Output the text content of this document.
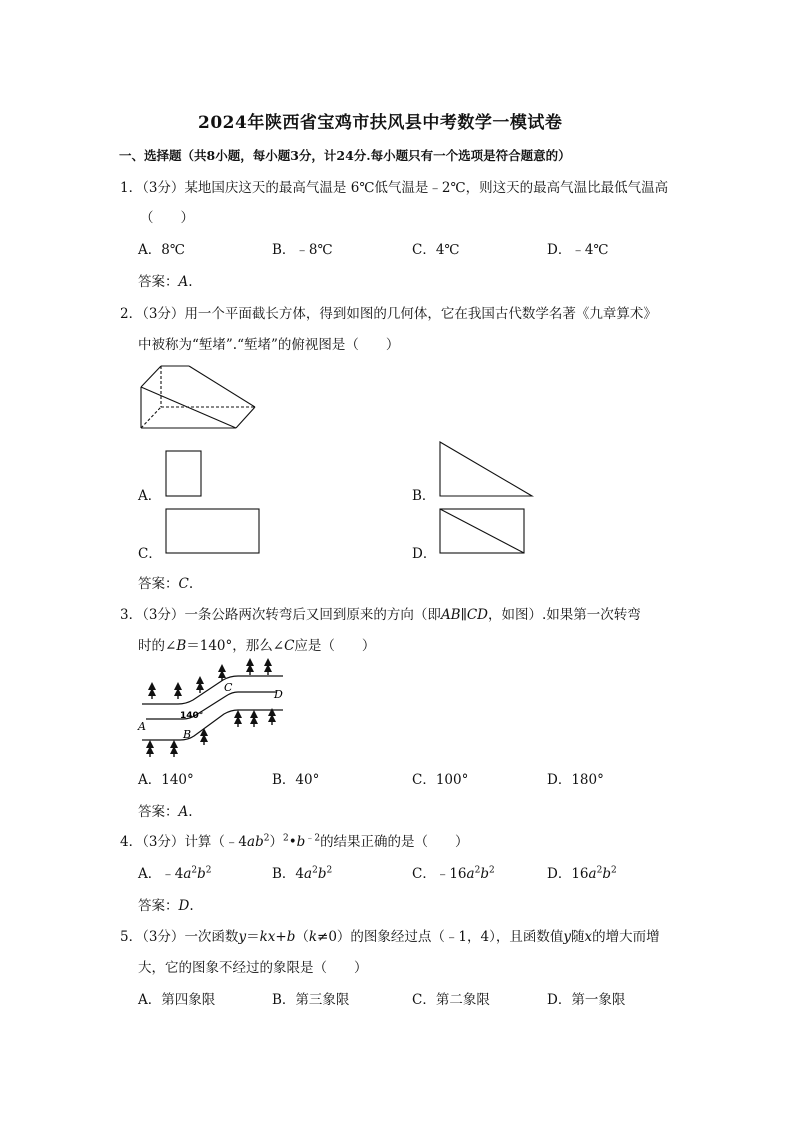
2024年陕西省宝鸡市扶风县中考数学一模试卷
一、选择题（共8小题，每小题3分，计24分.每小题只有一个选项是符合题意的）
1．（3分）某地国庆这天的最高气温是 6℃低气温是﹣2℃，则这天的最高气温比最低气温高
（　　）
A．8℃	B．﹣8℃	C．4℃	D．﹣4℃
答案：A.
2．（3分）用一个平面截长方体，得到如图的几何体，它在我国古代数学名著《九章算术》
中被称为“堑堵”.“堑堵”的俯视图是（　　）
A．	B．
C．	D．
答案：C.
3．（3分）一条公路两次转弯后又回到原来的方向（即AB∥CD，如图）.如果第一次转弯
时的∠B＝140°，那么∠C应是（　　）
A
B
C
D
140°
A．140°	B．40°	C．100°	D．180°
答案：A.
4．（3分）计算$(﹣4ab^2)^2•b^{﹣2}$的结果正确的是（　　）
A．$﹣4a^2b^2$	B．$4a^2b^2$	C．$﹣16a^2b^2$	D．$16a^2b^2$
答案：D.
5．（3分）一次函数y＝kx+b（k≠0）的图象经过点（﹣1，4），且函数值y随x的增大而增
大，它的图象不经过的象限是（　　）
A．第四象限	B．第三象限	C．第二象限	D．第一象限
